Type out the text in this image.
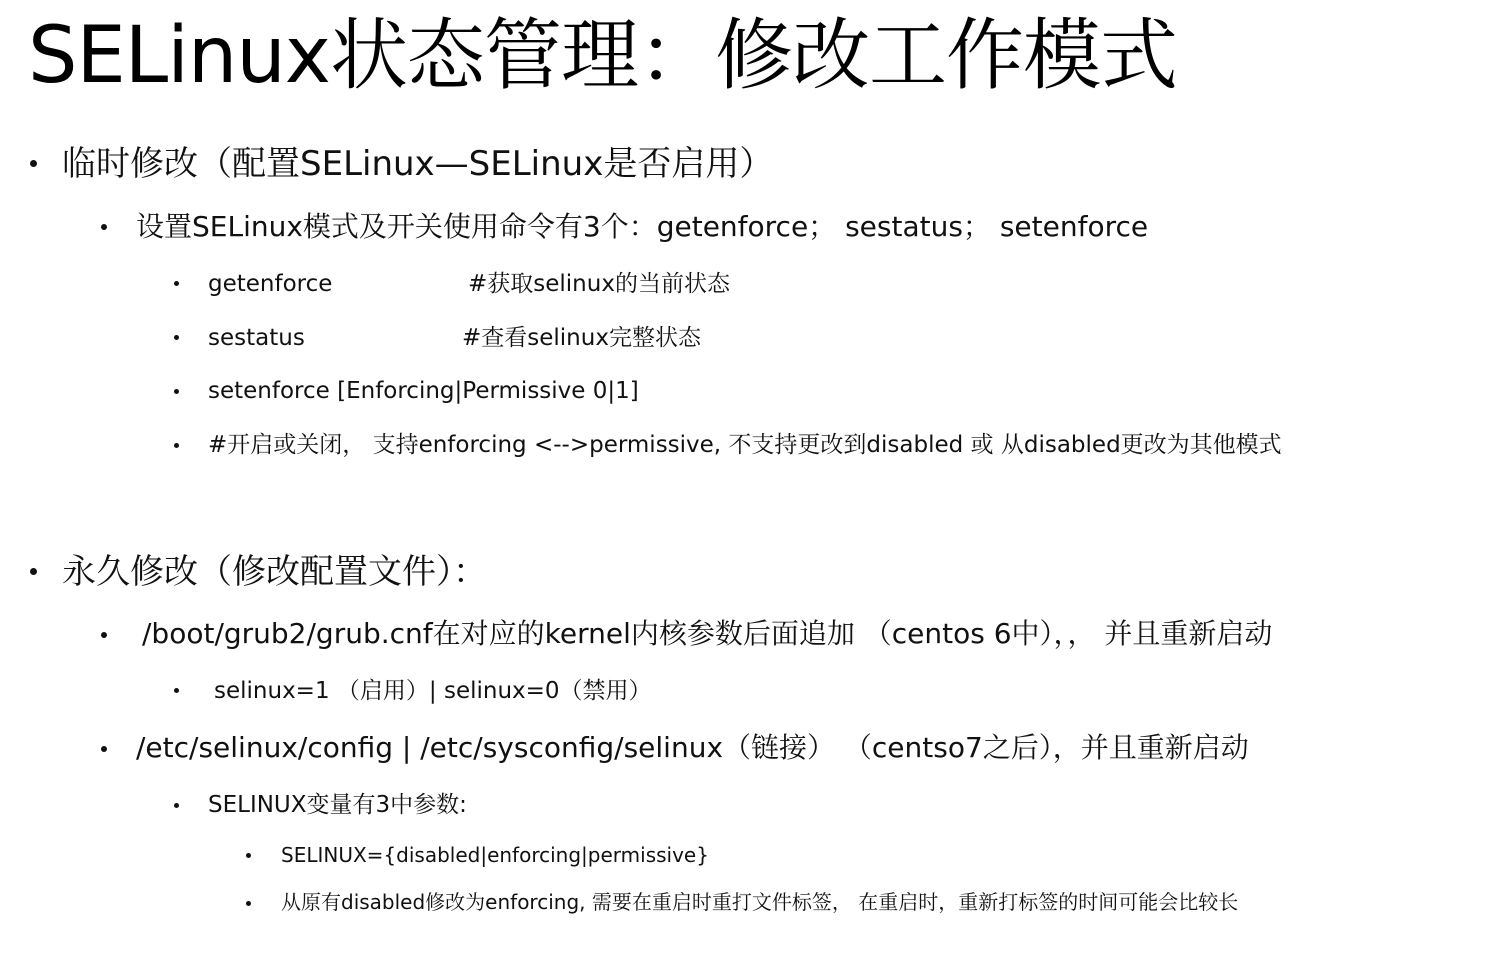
SELinux状态管理：修改工作模式
临时修改（配置SELinux—SELinux是否启用）
设置SELinux模式及开关使用命令有3个：getenforce； sestatus； setenforce
getenforce	#获取selinux的当前状态
sestatus	#查看selinux完整状态
setenforce [Enforcing|Permissive 0|1]
#开启或关闭， 支持enforcing <-->permissive, 不支持更改到disabled 或 从disabled更改为其他模式
永久修改（修改配置文件）：
/boot/grub2/grub.cnf在对应的kernel内核参数后面追加 （centos 6中），， 并且重新启动
selinux=1 （启用）| selinux=0（禁用）
/etc/selinux/config | /etc/sysconfig/selinux（链接） （centso7之后），并且重新启动
SELINUX变量有3中参数:
SELINUX={disabled|enforcing|permissive}
从原有disabled修改为enforcing, 需要在重启时重打文件标签， 在重启时，重新打标签的时间可能会比较长
